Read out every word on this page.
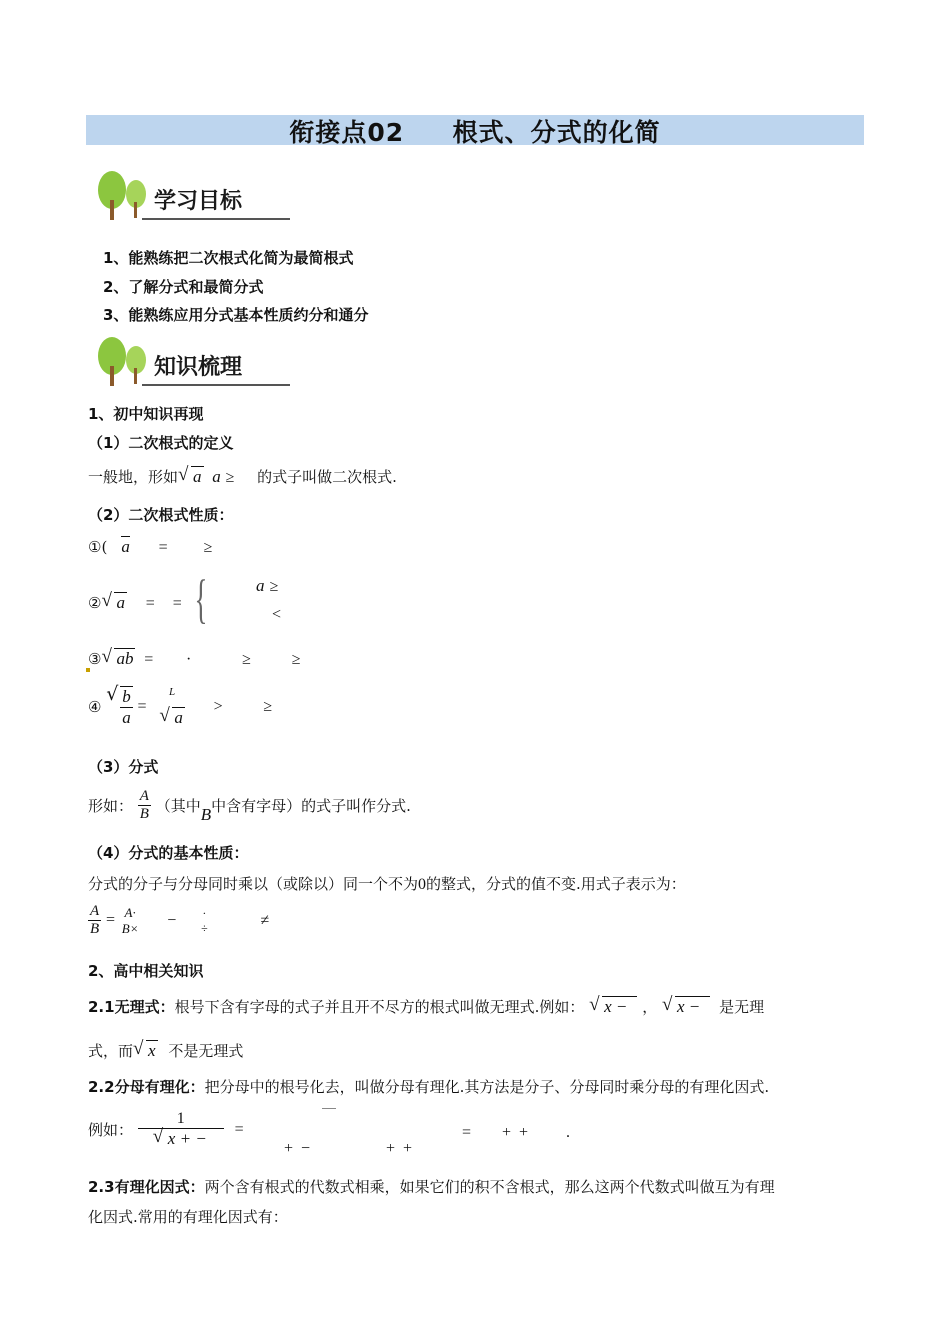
衔接点02     根式、分式的化简
学习目标
1、能熟练把二次根式化简为最简根式
2、了解分式和最简分式
3、能熟练应用分式基本性质约分和通分
知识梳理
1、初中知识再现
（1）二次根式的定义
一般地，形如 √ a a ≥ 的式子叫做二次根式.
（2）二次根式性质：
①( a = ≥
② √ a = = {	a ≥
<
③ √ ab = ·	≥	≥
④ √ $\frac{b}{a}$ =
L
√ a
>	≥
（3）分式
形如： $\frac{A}{B}$ （其中B中含有字母）的式子叫作分式.
（4）分式的基本性质：
分式的分子与分母同时乘以（或除以）同一个不为0的整式，分式的值不变.用式子表示为：
$\frac{A}{B} = A\cdot$
B× − ·
÷	≠
2、高中相关知识
2.1无理式：根号下含有字母的式子并且开不尽方的根式叫做无理式.例如： √ x − ， √ x − 是无理
式，而 √ x 不是无理式
2.2分母有理化：把分母中的根号化去，叫做分母有理化.其方法是分子、分母同时乘分母的有理化因式.
例如： 1
√ x + − =
+  −	+  +
= +  + .
2.3有理化因式：两个含有根式的代数式相乘，如果它们的积不含根式，那么这两个代数式叫做互为有理
化因式.常用的有理化因式有：
